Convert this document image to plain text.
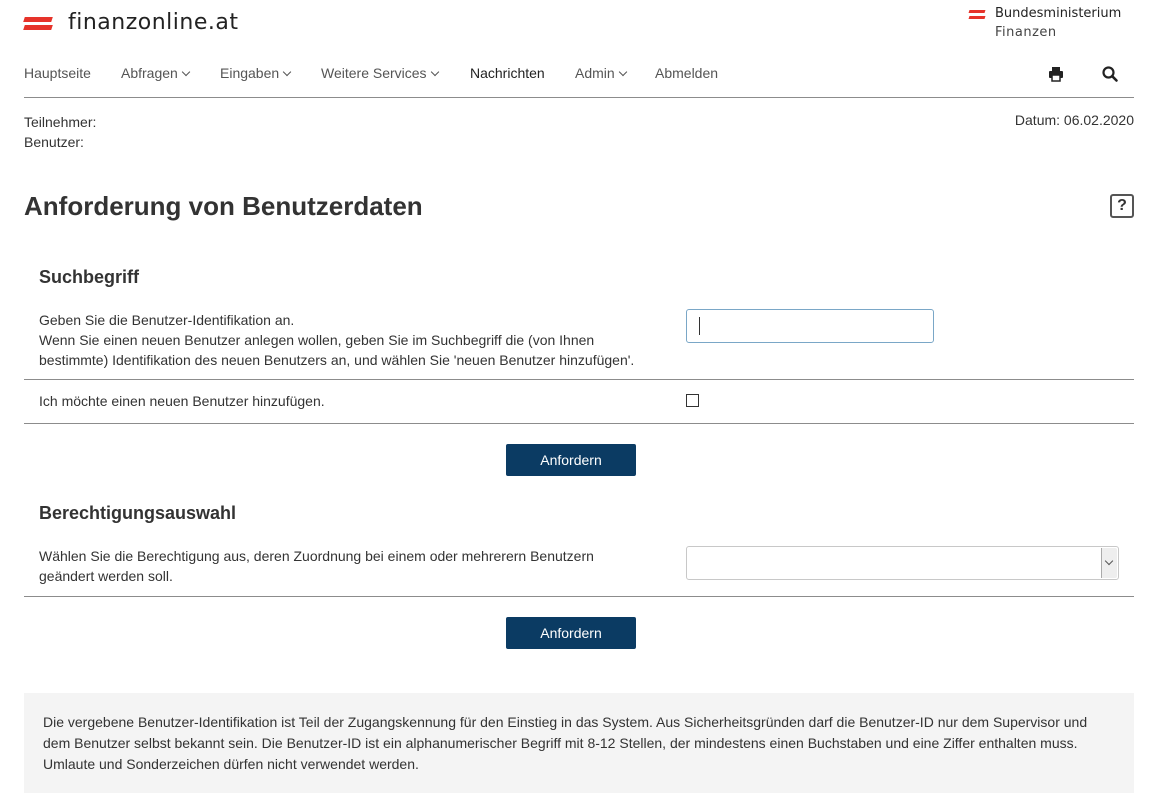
finanzonline.at	Bundesministerium
Finanzen
Hauptseite Abfragen	Eingaben	Weitere Services	Nachrichten Admin	Abmelden
Teilnehmer:
Benutzer:
Datum: 06.02.2020
Anforderung von Benutzerdaten	?
Suchbegriff
Geben Sie die Benutzer-Identifikation an.
Wenn Sie einen neuen Benutzer anlegen wollen, geben Sie im Suchbegriff die (von Ihnen bestimmte) Identifikation des neuen Benutzers an, und wählen Sie 'neuen Benutzer hinzufügen'.
Ich möchte einen neuen Benutzer hinzufügen.
Anfordern
Berechtigungsauswahl
Wählen Sie die Berechtigung aus, deren Zuordnung bei einem oder mehrerern Benutzern geändert werden soll.
Anfordern

Die vergebene Benutzer-Identifikation ist Teil der Zugangskennung für den Einstieg in das System. Aus Sicherheitsgründen darf die Benutzer-ID nur dem Supervisor und dem Benutzer selbst bekannt sein. Die Benutzer-ID ist ein alphanumerischer Begriff mit 8-12 Stellen, der mindestens einen Buchstaben und eine Ziffer enthalten muss. Umlaute und Sonderzeichen dürfen nicht verwendet werden.
